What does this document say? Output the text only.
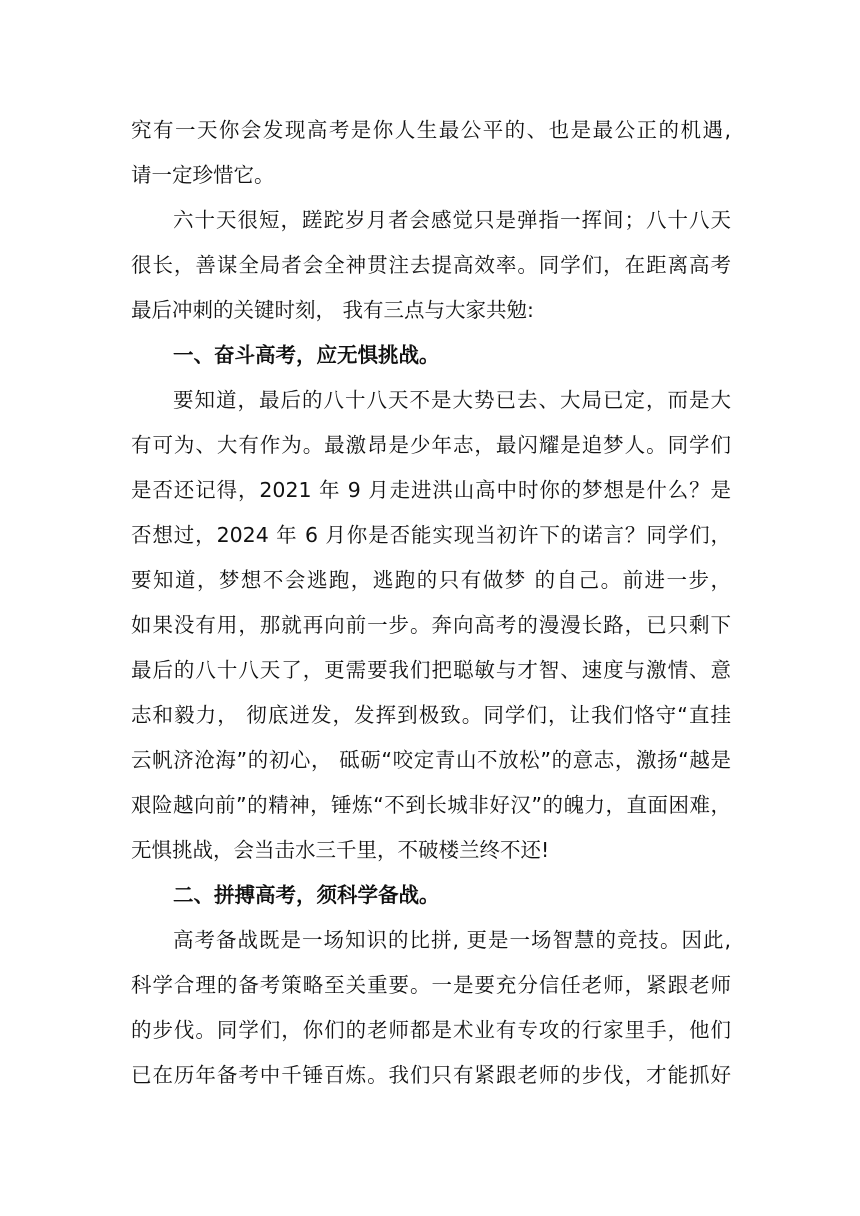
究有一天你会发现高考是你人生最公平的、也是最公正的机遇,
请一定珍惜它。
六十天很短，蹉跎岁月者会感觉只是弹指一挥间；八十八天
很长，善谋全局者会全神贯注去提高效率。同学们，在距离高考
最后冲刺的关键时刻， 我有三点与大家共勉:
一、奋斗高考，应无惧挑战。
要知道，最后的八十八天不是大势已去、大局已定，而是大
有可为、大有作为。最激昂是少年志，最闪耀是追梦人。同学们
是否还记得，2021 年 9 月走进洪山高中时你的梦想是什么？是
否想过，2024 年 6 月你是否能实现当初许下的诺言？同学们，
要知道，梦想不会逃跑，逃跑的只有做梦 的自己。前进一步，
如果没有用，那就再向前一步。奔向高考的漫漫长路，已只剩下
最后的八十八天了，更需要我们把聪敏与才智、速度与激情、意
志和毅力， 彻底迸发，发挥到极致。同学们，让我们恪守“直挂
云帆济沧海”的初心， 砥砺“咬定青山不放松”的意志，激扬“越是
艰险越向前”的精神，锤炼“不到长城非好汉”的魄力，直面困难，
无惧挑战，会当击水三千里，不破楼兰终不还!
二、拼搏高考，须科学备战。
高考备战既是一场知识的比拼, 更是一场智慧的竞技。因此,
科学合理的备考策略至关重要。一是要充分信任老师，紧跟老师
的步伐。同学们，你们的老师都是术业有专攻的行家里手，他们
已在历年备考中千锤百炼。我们只有紧跟老师的步伐，才能抓好
